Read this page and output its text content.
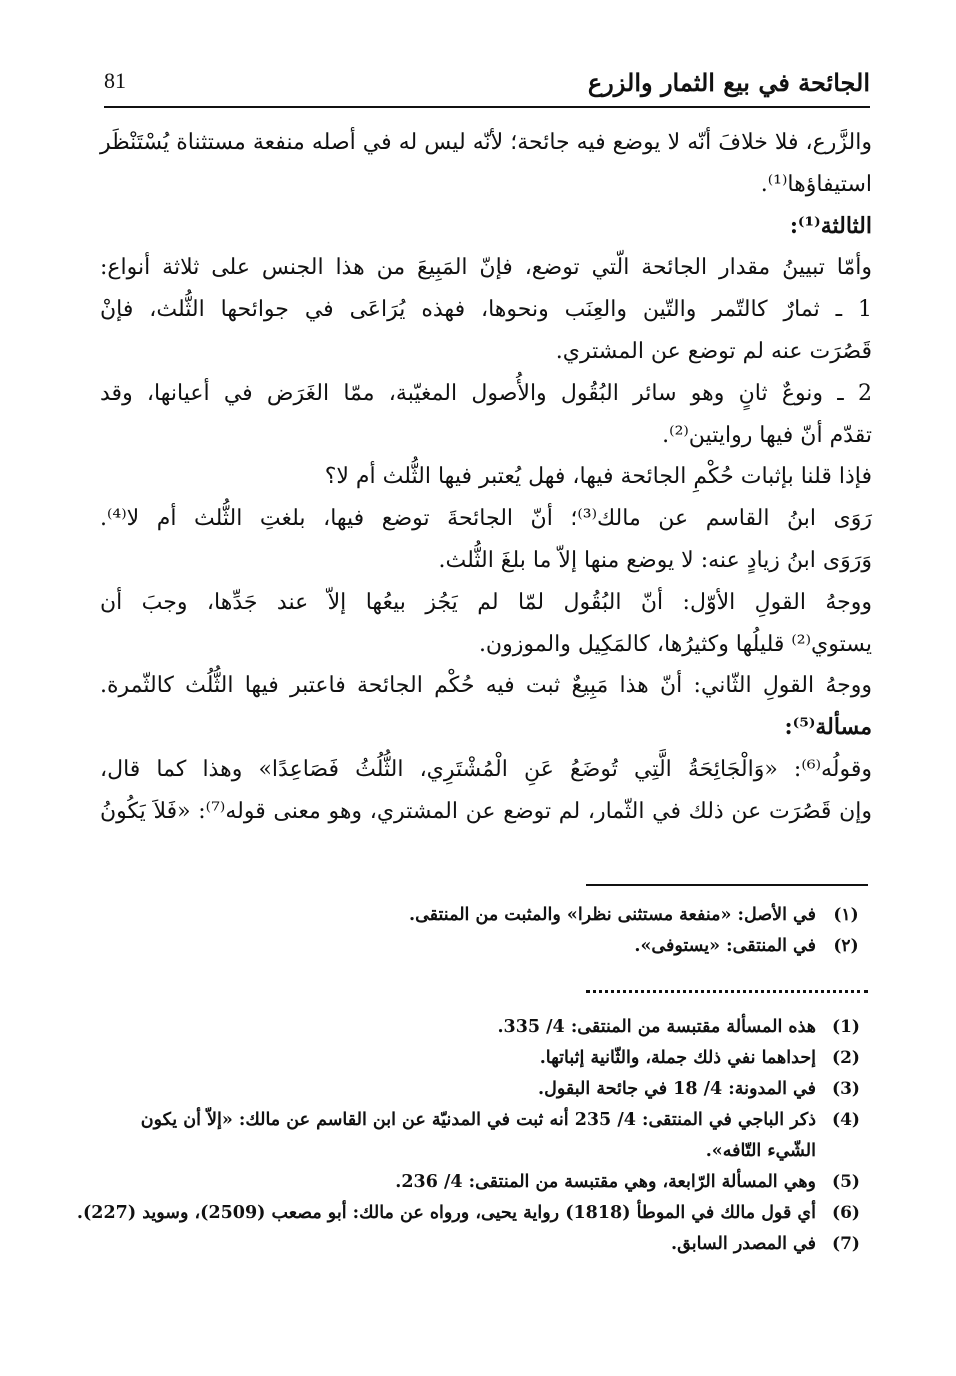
الجائحة في بيع الثمار والزرع
81
والزَّرع، فلا خلافَ أنّه لا يوضع فيه جائحة؛ لأنّه ليس له في أصله منفعة مستثناة يُسْتَنْظَر
استيفاؤها⁽¹⁾.
الثالثة⁽¹⁾:
وأمّا تبيينُ مقدار الجائحة الّتي توضع، فإنّ المَبِيعَ من هذا الجنس على ثلاثة أنواع:
1 ـ ثمارٌ كالتّمر والتّين والعِنَب ونحوها، فهذه يُرَاعَى في جوائحها الثُّلث، فإنْ
قَصُرَت عنه لم توضع عن المشتري.
2 ـ ونوعٌ ثانٍ وهو سائر البُقُول والأُصول المغيّبة، ممّا الغَرَض في أعيانها، وقد
تقدّم أنّ فيها روايتين⁽²⁾.
فإذا قلنا بإثبات حُكْمِ الجائحة فيها، فهل يُعتبر فيها الثُّلث أم لا؟
رَوَى ابنُ القاسم عن مالك⁽³⁾؛ أنّ الجائحةَ توضع فيها، بلغتِ الثُّلث أم لا⁽⁴⁾.
وَرَوَى ابنُ زيادٍ عنه: لا يوضع منها إلاّ ما بلغَ الثُّلث.
ووجهُ القولِ الأوّل: أنّ البُقُول لمّا لم يَجُز بيعُها إلاّ عند جَدِّها، وجبَ أن
يستوي⁽²⁾ قليلُها وكثيرُها، كالمَكِيل والموزون.
ووجهُ القولِ الثّاني: أنّ هذا مَبِيعٌ ثبت فيه حُكْم الجائحة فاعتبر فيها الثُّلُث كالثّمرة.
مسألة⁽⁵⁾:
وقولُه⁽⁶⁾: «وَالْجَائِحَةُ الَّتِي تُوضَعُ عَنِ الْمُشْتَرِي، الثُّلُثُ فَصَاعِدًا» وهذا كما قال،
وإن قَصُرَت عن ذلك في الثّمار، لم توضع عن المشتري، وهو معنى قوله⁽⁷⁾: «فَلاَ يَكُونُ
(١)
في الأصل: «منفعة مستثنى نظرا» والمثبت من المنتقى.
(٢)
في المنتقى: «يستوفى».
(1)
هذه المسألة مقتبسة من المنتقى: 4/ 335.
(2)
إحداهما نفي ذلك جملة، والثّانية إثباتها.
(3)
في المدونة: 4/ 18 في جائحة البقول.
(4)
ذكر الباجي في المنتقى: 4/ 235 أنه ثبت في المدنيّة عن ابن القاسم عن مالك: «إلاّ أن يكون
الشّيء التّافه».
(5)
وهي المسألة الرّابعة، وهي مقتبسة من المنتقى: 4/ 236.
(6)
أي قول مالك في الموطأ (1818) رواية يحيى، ورواه عن مالك: أبو مصعب (2509)، وسويد (227).
(7)
في المصدر السابق.
